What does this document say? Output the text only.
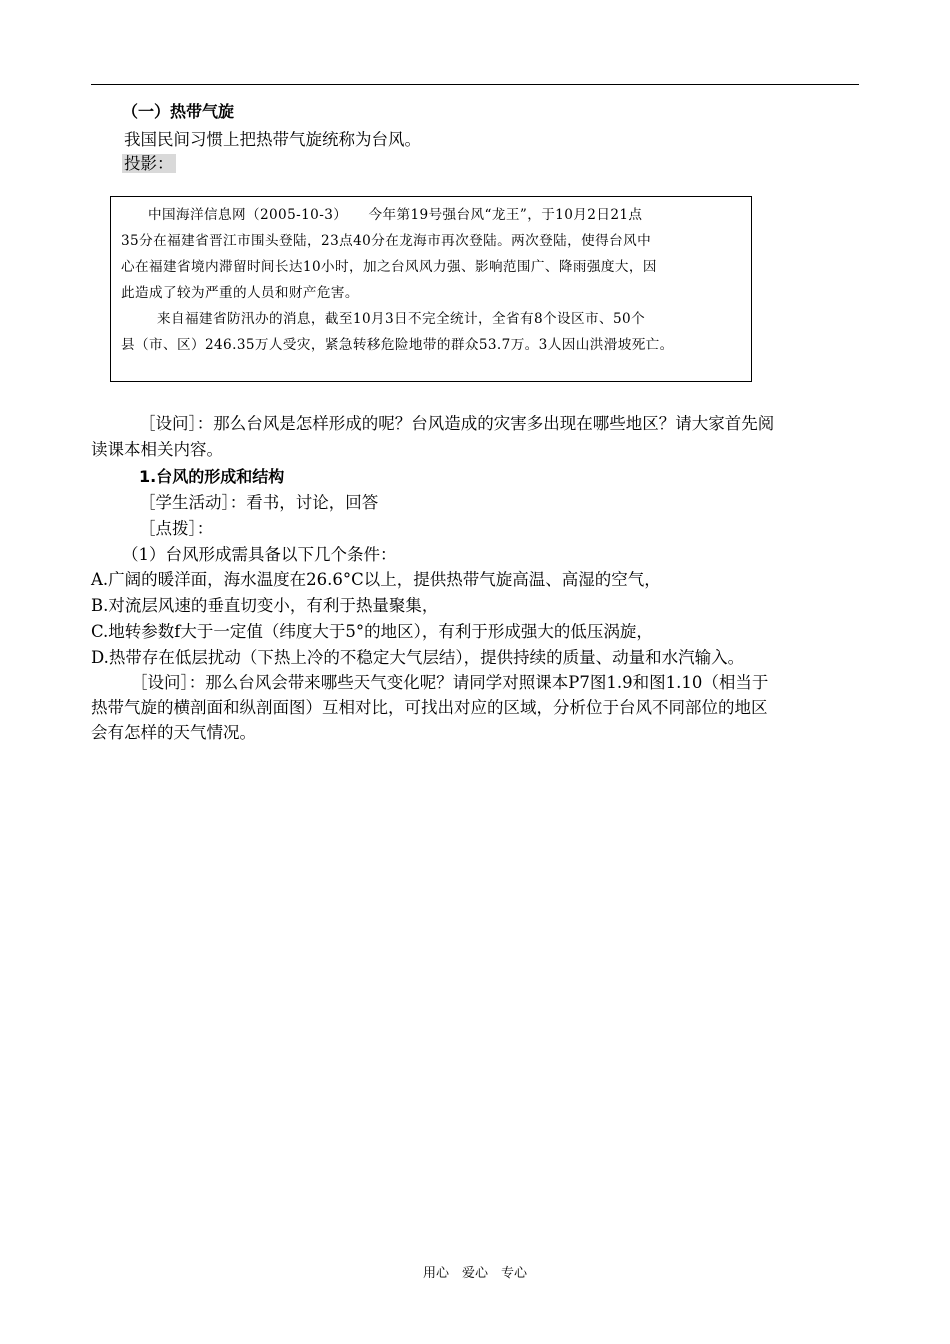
（一）热带气旋
我国民间习惯上把热带气旋统称为台风。
投影：
中国海洋信息网（2005-10-3）　　今年第19号强台风“龙王”，于10月2日21点
35分在福建省晋江市围头登陆，23点40分在龙海市再次登陆。两次登陆，使得台风中
心在福建省境内滞留时间长达10小时，加之台风风力强、影响范围广、降雨强度大，因
此造成了较为严重的人员和财产危害。
来自福建省防汛办的消息，截至10月3日不完全统计，全省有8个设区市、50个
县（市、区）246.35万人受灾，紧急转移危险地带的群众53.7万。3人因山洪滑坡死亡。
［设问］：那么台风是怎样形成的呢？台风造成的灾害多出现在哪些地区？请大家首先阅
读课本相关内容。
1.台风的形成和结构
［学生活动］：看书，讨论，回答
［点拨］：
（1）台风形成需具备以下几个条件：
A.广阔的暖洋面，海水温度在26.6°C以上，提供热带气旋高温、高湿的空气，
B.对流层风速的垂直切变小，有利于热量聚集，
C.地转参数f大于一定值（纬度大于5°的地区），有利于形成强大的低压涡旋，
D.热带存在低层扰动（下热上冷的不稳定大气层结），提供持续的质量、动量和水汽输入。
［设问］：那么台风会带来哪些天气变化呢？请同学对照课本P7图1.9和图1.10（相当于
热带气旋的横剖面和纵剖面图）互相对比，可找出对应的区域，分析位于台风不同部位的地区
会有怎样的天气情况。
用心　爱心　专心
